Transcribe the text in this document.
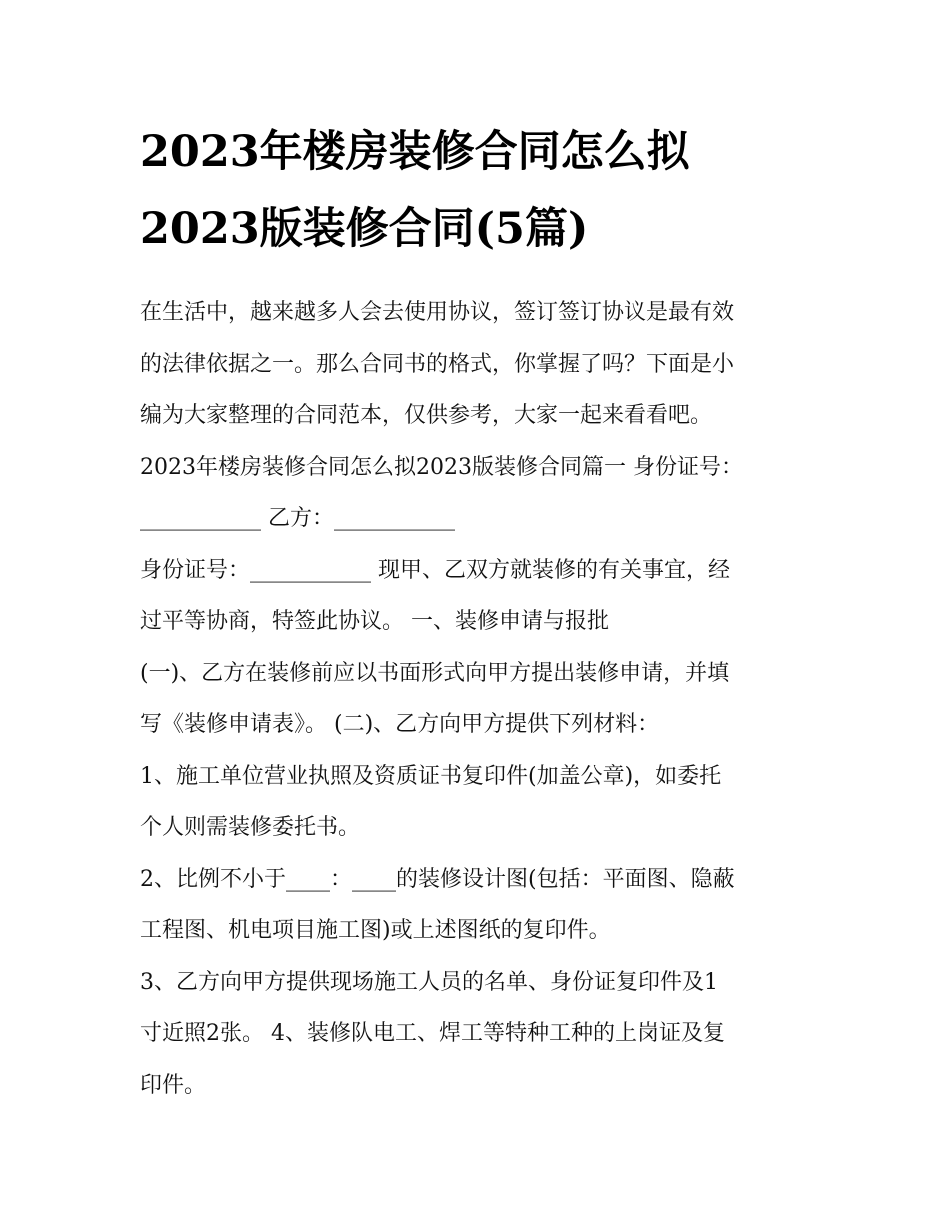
2023年楼房装修合同怎么拟
2023版装修合同(5篇)
在生活中，越来越多人会去使用协议，签订签订协议是最有效
的法律依据之一。那么合同书的格式，你掌握了吗？下面是小
编为大家整理的合同范本，仅供参考，大家一起来看看吧。
2023年楼房装修合同怎么拟2023版装修合同篇一 身份证号：
___________ 乙方：___________
身份证号：___________ 现甲、乙双方就装修的有关事宜，经
过平等协商，特签此协议。 一、装修申请与报批
(一)、乙方在装修前应以书面形式向甲方提出装修申请，并填
写《装修申请表》。 (二)、乙方向甲方提供下列材料：
1、施工单位营业执照及资质证书复印件(加盖公章)，如委托
个人则需装修委托书。
2、比例不小于____：____的装修设计图(包括：平面图、隐蔽
工程图、机电项目施工图)或上述图纸的复印件。
3、乙方向甲方提供现场施工人员的名单、身份证复印件及1
寸近照2张。 4、装修队电工、焊工等特种工种的上岗证及复
印件。
